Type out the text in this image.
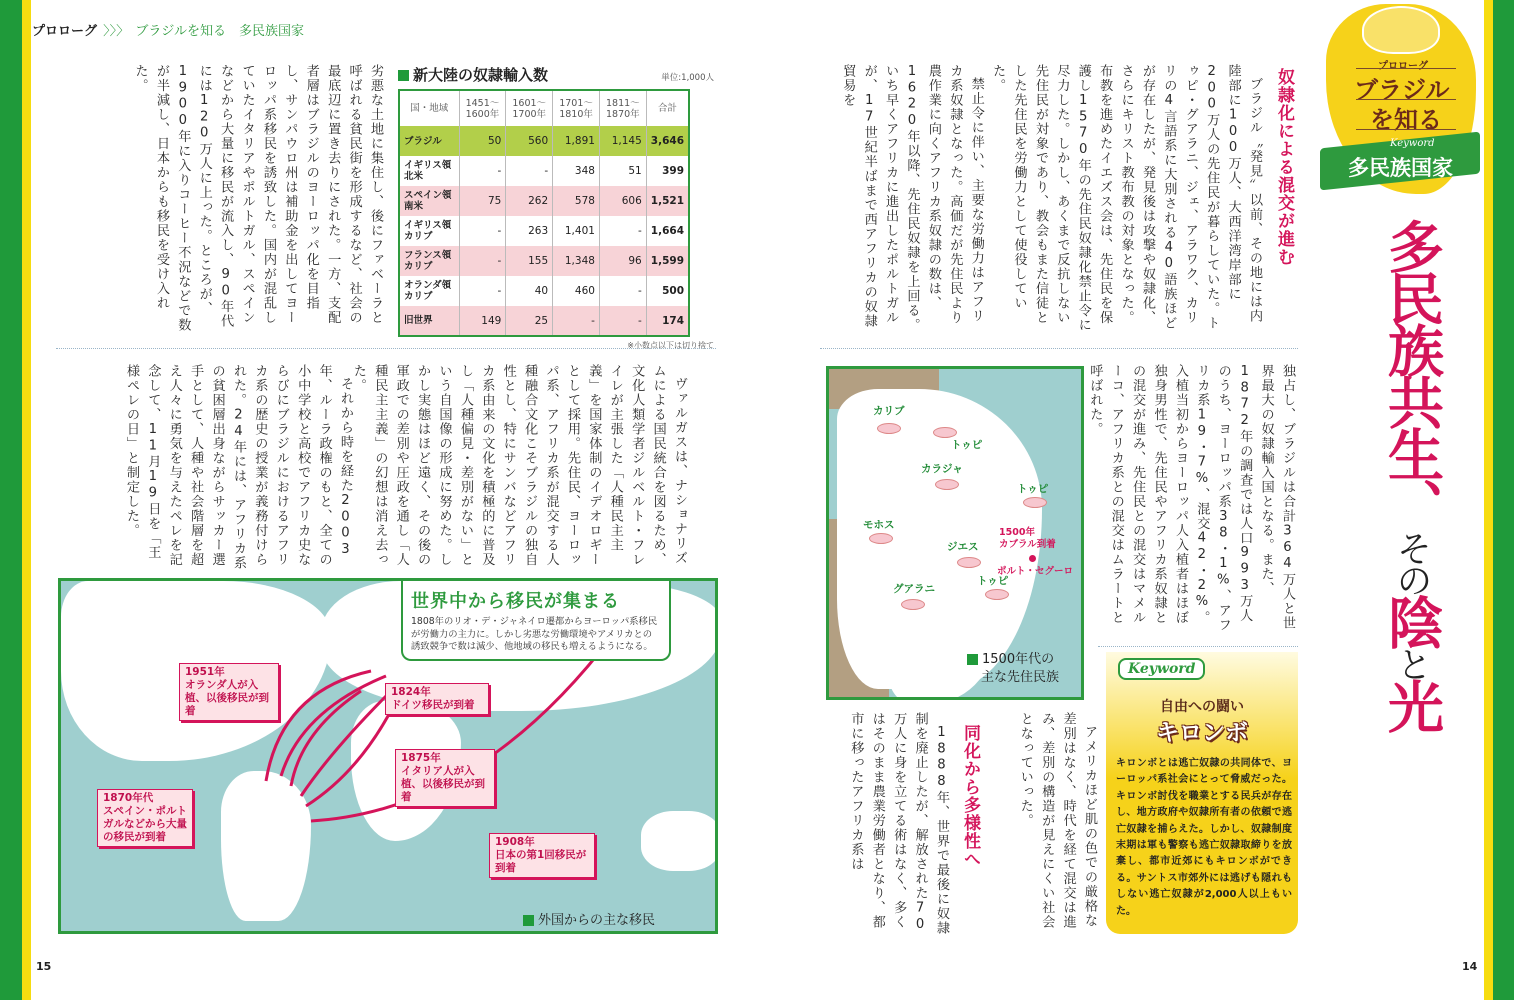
プロローグ 〉〉〉 ブラジルを知る　多民族国家
15	14
プロローグ
ブラジル
を知る
Keyword
多民族国家
多民族共生、その陰と光
奴隷化による混交が進む

ブラジル〝発見〟以前、その地には内陸部に100万人、大西洋湾岸部に200万人の先住民が暮らしていた。トゥピ・グアラニ、ジェ、アラワク、カリリの4言語系に大別される40語族ほどが存在したが、発見後は攻撃や奴隷化、さらにキリスト教布教の対象となった。布教を進めたイエズス会は、先住民を保護し1570年の先住民奴隷化禁止令に尽力した。しかし、あくまで反抗しない先住民が対象であり、教会もまた信徒とした先住民を労働力として使役していた。

禁止令に伴い、主要な労働力はアフリカ系奴隷となった。高価だが先住民より農作業に向くアフリカ系奴隷の数は、1620年以降、先住民奴隷を上回る。いち早くアフリカに進出したポルトガルが、17世紀半ばまで西アフリカの奴隷貿易を

独占し、ブラジルは合計364万人と世界最大の奴隷輸入国となる。また、1872年の調査では人口993万人のうち、ヨーロッパ系38・1%、アフリカ系19・7%、混交42・2%。入植当初からヨーロッパ人入植者はほぼ独身男性で、先住民やアフリカ系奴隷との混交が進み、先住民との混交はマメルーコ、アフリカ系との混交はムラートと呼ばれた。

カリブ
トゥピ
カラジャ
トゥピ
モホス
ジエス
グアラニ
トゥピ
1500年
カブラル到着
ポルト・セグーロ
1500年代の
主な先住民族

アメリカほど肌の色での厳格な差別はなく、時代を経て混交は進み、差別の構造が見えにくい社会となっていった。

同化から多様性へ

1888年、世界で最後に奴隷制を廃止したが、解放された70万人に身を立てる術はなく、多くはそのまま農業労働者となり、都市に移ったアフリカ系は

Keyword
自由への闘い
キロンボ
キロンボとは逃亡奴隷の共同体で、ヨーロッパ系社会にとって脅威だった。キロンボ討伐を職業とする民兵が存在し、地方政府や奴隷所有者の依頼で逃亡奴隷を捕らえた。しかし、奴隷制度末期は軍も警察も逃亡奴隷取締りを放棄し、都市近郊にもキロンボができる。サントス市郊外には逃げも隠れもしない逃亡奴隷が2,000人以上もいた。
新大陸の奴隷輸入数	単位:1,000人
国・地域	1451〜1600年	1601〜1700年	1701〜1810年	1811〜1870年	合計
ブラジル	50	560	1,891	1,145	3,646
イギリス領北米	-	-	348	51	399
スペイン領南米	75	262	578	606	1,521
イギリス領カリブ	-	263	1,401	-	1,664
フランス領カリブ	-	155	1,348	96	1,599
オランダ領カリブ	-	40	460	-	500
旧世界	149	25	-	-	174
※小数点以下は切り捨て

劣悪な土地に集住し、後にファベーラと呼ばれる貧民街を形成するなど、社会の最底辺に置き去りにされた。一方、支配者層はブラジルのヨーロッパ化を目指し、サンパウロ州は補助金を出してヨーロッパ系移民を誘致した。国内が混乱していたイタリアやポルトガル、スペインなどから大量に移民が流入し、90年代には120万人に上った。ところが、1900年に入りコーヒー不況などで数が半減し、日本からも移民を受け入れた。

ヴァルガスは、ナショナリズムによる国民統合を図るため、文化人類学者ジルベルト・フレイレが主張した「人種民主主義」を国家体制のイデオロギーとして採用。先住民、ヨーロッパ系、アフリカ系が混交する人種融合文化こそブラジルの独自性とし、特にサンバなどアフリカ系由来の文化を積極的に普及し「人種偏見・差別がない」という自国像の形成に努めた。しかし実態はほど遠く、その後の軍政での差別や圧政を通し「人種民主主義」の幻想は消え去った。

それから時を経た2003年、ルーラ政権のもと、全ての小中学校と高校でアフリカ史ならびにブラジルにおけるアフリカ系の歴史の授業が義務付けられた。24年には、アフリカ系の貧困層出身ながらサッカー選手として、人種や社会階層を超え人々に勇気を与えたペレを記念して、11月19日を「王様ペレの日」と制定した。

世界中から移民が集まる
1808年のリオ・デ・ジャネイロ遷都からヨーロッパ系移民が労働力の主力に。しかし劣悪な労働環境やアメリカとの誘致競争で数は減少、他地域の移民も増えるようになる。
1951年
オランダ人が入植、以後移民が到着
1824年
ドイツ移民が到着
1875年
イタリア人が入植、以後移民が到着
1870年代
スペイン・ポルトガルなどから大量の移民が到着	1908年
日本の第1回移民が到着
外国からの主な移民
